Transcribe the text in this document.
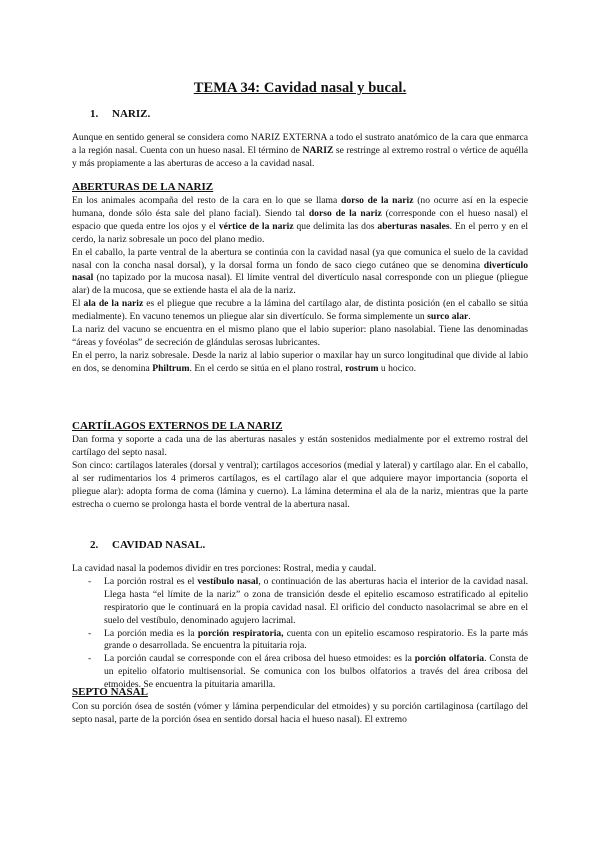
TEMA 34: Cavidad nasal y bucal.
1. NARIZ.

Aunque en sentido general se considera como NARIZ EXTERNA a todo el sustrato anatómico de la cara que enmarca a la región nasal. Cuenta con un hueso nasal. El término de NARIZ se restringe al extremo rostral o vértice de aquélla y más propiamente a las aberturas de acceso a la cavidad nasal.

ABERTURAS DE LA NARIZ

En los animales acompaña del resto de la cara en lo que se llama dorso de la nariz (no ocurre así en la especie humana, donde sólo ésta sale del plano facial). Siendo tal dorso de la nariz (corresponde con el hueso nasal) el espacio que queda entre los ojos y el vértice de la nariz que delimita las dos aberturas nasales. En el perro y en el cerdo, la nariz sobresale un poco del plano medio.

En el caballo, la parte ventral de la abertura se continúa con la cavidad nasal (ya que comunica el suelo de la cavidad nasal con la concha nasal dorsal), y la dorsal forma un fondo de saco ciego cutáneo que se denomina divertículo nasal (no tapizado por la mucosa nasal). El límite ventral del divertículo nasal corresponde con un pliegue (pliegue alar) de la mucosa, que se extiende hasta el ala de la nariz.

El ala de la nariz es el pliegue que recubre a la lámina del cartílago alar, de distinta posición (en el caballo se sitúa medialmente). En vacuno tenemos un pliegue alar sin divertículo. Se forma simplemente un surco alar.

La nariz del vacuno se encuentra en el mismo plano que el labio superior: plano nasolabial. Tiene las denominadas “áreas y fovéolas” de secreción de glándulas serosas lubricantes.

En el perro, la nariz sobresale. Desde la nariz al labio superior o maxilar hay un surco longitudinal que divide al labio en dos, se denomina Philtrum. En el cerdo se sitúa en el plano rostral, rostrum u hocico.

CARTÍLAGOS EXTERNOS DE LA NARIZ

Dan forma y soporte a cada una de las aberturas nasales y están sostenidos medialmente por el extremo rostral del cartílago del septo nasal.

Son cinco: cartílagos laterales (dorsal y ventral); cartílagos accesorios (medial y lateral) y cartílago alar. En el caballo, al ser rudimentarios los 4 primeros cartílagos, es el cartílago alar el que adquiere mayor importancia (soporta el pliegue alar): adopta forma de coma (lámina y cuerno). La lámina determina el ala de la nariz, mientras que la parte estrecha o cuerno se prolonga hasta el borde ventral de la abertura nasal.

2. CAVIDAD NASAL.

La cavidad nasal la podemos dividir en tres porciones: Rostral, media y caudal.

- La porción rostral es el vestíbulo nasal, o continuación de las aberturas hacia el interior de la cavidad nasal. Llega hasta “el límite de la nariz” o zona de transición desde el epitelio escamoso estratificado al epitelio respiratorio que le continuará en la propia cavidad nasal. El orificio del conducto nasolacrimal se abre en el suelo del vestíbulo, denominado agujero lacrimal.
- La porción media es la porción respiratoria, cuenta con un epitelio escamoso respiratorio. Es la parte más grande o desarrollada. Se encuentra la pituitaria roja.
- La porción caudal se corresponde con el área cribosa del hueso etmoides: es la porción olfatoria. Consta de un epitelio olfatorio multisensorial. Se comunica con los bulbos olfatorios a través del área cribosa del etmoides. Se encuentra la pituitaria amarilla.
SEPTO NASAL

Con su porción ósea de sostén (vómer y lámina perpendicular del etmoides) y su porción cartilaginosa (cartílago del septo nasal, parte de la porción ósea en sentido dorsal hacia el hueso nasal). El extremo
